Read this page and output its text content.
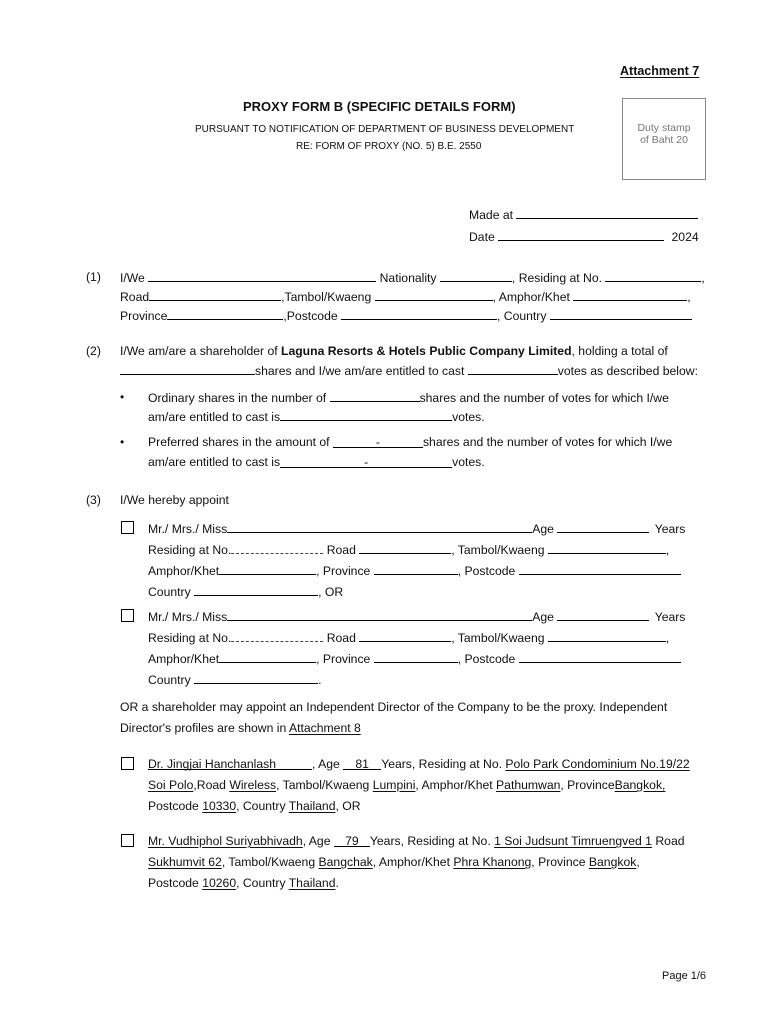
Attachment 7
PROXY FORM B (SPECIFIC DETAILS FORM)
PURSUANT TO NOTIFICATION OF DEPARTMENT OF BUSINESS DEVELOPMENT
RE: FORM OF PROXY (NO. 5) B.E. 2550
Duty stamp
of Baht 20
Made at
Date	2024
(1) I/We	Nationality	, Residing at No.	,
Road	,Tambol/Kwaeng	, Amphor/Khet	,
Province	,Postcode	, Country
(2) I/We am/are a shareholder of Laguna Resorts & Hotels Public Company Limited, holding a total of
shares and I/we am/are entitled to cast	votes as described below:
• Ordinary shares in the number of	shares and the number of votes for which I/we
am/are entitled to cast is	votes.
• Preferred shares in the amount of	-	shares and the number of votes for which I/we
am/are entitled to cast is	-	votes.
(3) I/We hereby appoint
Mr./ Mrs./ Miss	Age	Years
Residing at No.	Road	, Tambol/Kwaeng	,
Amphor/Khet	, Province	, Postcode
Country	, OR
Mr./ Mrs./ Miss	Age	Years
Residing at No.	Road	, Tambol/Kwaeng	,
Amphor/Khet	, Province	, Postcode
Country	.
OR a shareholder may appoint an Independent Director of the Company to be the proxy. Independent
Director's profiles are shown in Attachment 8
Dr. Jingjai Hanchanlash	, Age 81 Years, Residing at No. Polo Park Condominium No.19/22
Soi Polo,Road Wireless, Tambol/Kwaeng Lumpini, Amphor/Khet Pathumwan, ProvinceBangkok,
Postcode 10330, Country Thailand, OR
Mr. Vudhiphol Suriyabhivadh, Age 79 Years, Residing at No. 1 Soi Judsunt Timruengved 1 Road
Sukhumvit 62, Tambol/Kwaeng Bangchak, Amphor/Khet Phra Khanong, Province Bangkok,
Postcode 10260, Country Thailand.
Page 1/6
